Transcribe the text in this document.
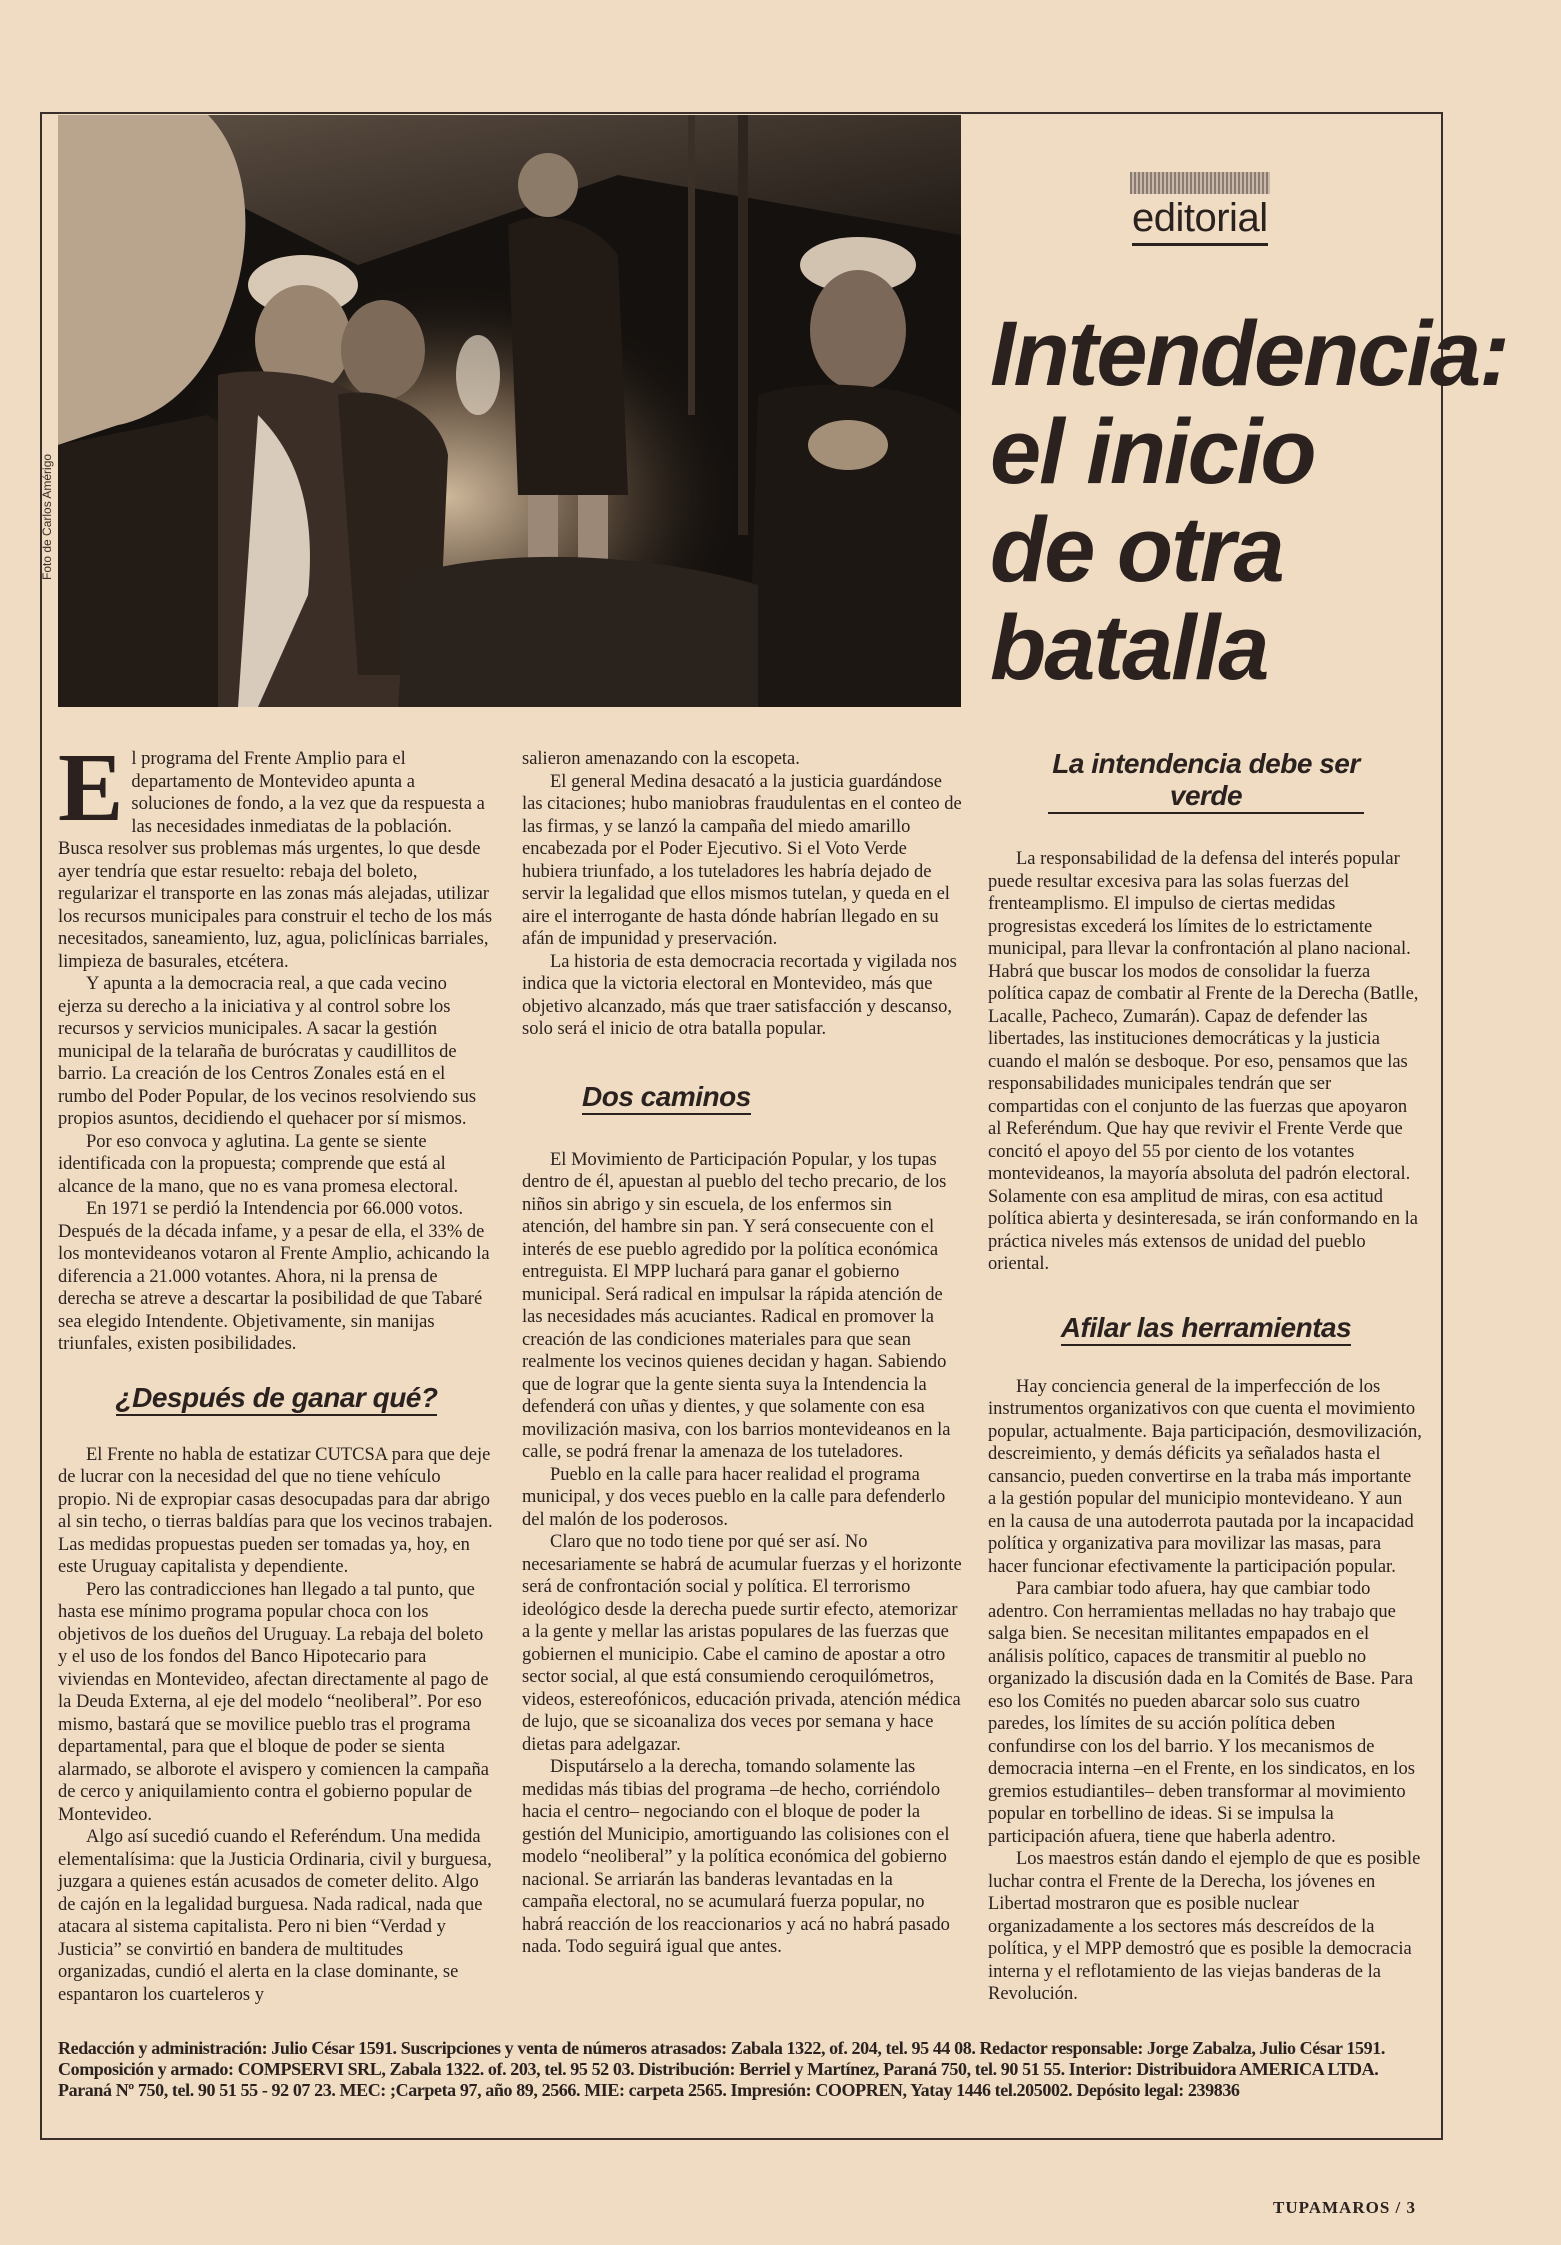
Foto de Carlos Amérigo
editorial
Intendencia: el inicio de otra batalla

El programa del Frente Amplio para el departamento de Montevideo apunta a soluciones de fondo, a la vez que da respuesta a las necesidades inmediatas de la población. Busca resolver sus problemas más urgentes, lo que desde ayer tendría que estar resuelto: rebaja del boleto, regularizar el transporte en las zonas más alejadas, utilizar los recursos municipales para construir el techo de los más necesitados, saneamiento, luz, agua, policlínicas barriales, limpieza de basurales, etcétera.

Y apunta a la democracia real, a que cada vecino ejerza su derecho a la iniciativa y al control sobre los recursos y servicios municipales. A sacar la gestión municipal de la telaraña de burócratas y caudillitos de barrio. La creación de los Centros Zonales está en el rumbo del Poder Popular, de los vecinos resolviendo sus propios asuntos, decidiendo el quehacer por sí mismos.

Por eso convoca y aglutina. La gente se siente identificada con la propuesta; comprende que está al alcance de la mano, que no es vana promesa electoral.

En 1971 se perdió la Intendencia por 66.000 votos. Después de la década infame, y a pesar de ella, el 33% de los montevideanos votaron al Frente Amplio, achicando la diferencia a 21.000 votantes. Ahora, ni la prensa de derecha se atreve a descartar la posibilidad de que Tabaré sea elegido Intendente. Objetivamente, sin manijas triunfales, existen posibilidades.

¿Después de ganar qué?

El Frente no habla de estatizar CUTCSA para que deje de lucrar con la necesidad del que no tiene vehículo propio. Ni de expropiar casas desocupadas para dar abrigo al sin techo, o tierras baldías para que los vecinos trabajen. Las medidas propuestas pueden ser tomadas ya, hoy, en este Uruguay capitalista y dependiente.

Pero las contradicciones han llegado a tal punto, que hasta ese mínimo programa popular choca con los objetivos de los dueños del Uruguay. La rebaja del boleto y el uso de los fondos del Banco Hipotecario para viviendas en Montevideo, afectan directamente al pago de la Deuda Externa, al eje del modelo “neoliberal”. Por eso mismo, bastará que se movilice pueblo tras el programa departamental, para que el bloque de poder se sienta alarmado, se alborote el avispero y comiencen la campaña de cerco y aniquilamiento contra el gobierno popular de Montevideo.

Algo así sucedió cuando el Referéndum. Una medida elementalísima: que la Justicia Ordinaria, civil y burguesa, juzgara a quienes están acusados de cometer delito. Algo de cajón en la legalidad burguesa. Nada radical, nada que atacara al sistema capitalista. Pero ni bien “Verdad y Justicia” se convirtió en bandera de multitudes organizadas, cundió el alerta en la clase dominante, se espantaron los cuarteleros y

salieron amenazando con la escopeta.

El general Medina desacató a la justicia guardándose las citaciones; hubo maniobras fraudulentas en el conteo de las firmas, y se lanzó la campaña del miedo amarillo encabezada por el Poder Ejecutivo. Si el Voto Verde hubiera triunfado, a los tuteladores les habría dejado de servir la legalidad que ellos mismos tutelan, y queda en el aire el interrogante de hasta dónde habrían llegado en su afán de impunidad y preservación.

La historia de esta democracia recortada y vigilada nos indica que la victoria electoral en Montevideo, más que objetivo alcanzado, más que traer satisfacción y descanso, solo será el inicio de otra batalla popular.

Dos caminos

El Movimiento de Participación Popular, y los tupas dentro de él, apuestan al pueblo del techo precario, de los niños sin abrigo y sin escuela, de los enfermos sin atención, del hambre sin pan. Y será consecuente con el interés de ese pueblo agredido por la política económica entreguista. El MPP luchará para ganar el gobierno municipal. Será radical en impulsar la rápida atención de las necesidades más acuciantes. Radical en promover la creación de las condiciones materiales para que sean realmente los vecinos quienes decidan y hagan. Sabiendo que de lograr que la gente sienta suya la Intendencia la defenderá con uñas y dientes, y que solamente con esa movilización masiva, con los barrios montevideanos en la calle, se podrá frenar la amenaza de los tuteladores.

Pueblo en la calle para hacer realidad el programa municipal, y dos veces pueblo en la calle para defenderlo del malón de los poderosos.

Claro que no todo tiene por qué ser así. No necesariamente se habrá de acumular fuerzas y el horizonte será de confrontación social y política. El terrorismo ideológico desde la derecha puede surtir efecto, atemorizar a la gente y mellar las aristas populares de las fuerzas que gobiernen el municipio. Cabe el camino de apostar a otro sector social, al que está consumiendo ceroquilómetros, videos, estereofónicos, educación privada, atención médica de lujo, que se sicoanaliza dos veces por semana y hace dietas para adelgazar.

Disputárselo a la derecha, tomando solamente las medidas más tibias del programa –de hecho, corriéndolo hacia el centro– negociando con el bloque de poder la gestión del Municipio, amortiguando las colisiones con el modelo “neoliberal” y la política económica del gobierno nacional. Se arriarán las banderas levantadas en la campaña electoral, no se acumulará fuerza popular, no habrá reacción de los reaccionarios y acá no habrá pasado nada. Todo seguirá igual que antes.

La intendencia debe ser verde

La responsabilidad de la defensa del interés popular puede resultar excesiva para las solas fuerzas del frenteamplismo. El impulso de ciertas medidas progresistas excederá los límites de lo estrictamente municipal, para llevar la confrontación al plano nacional. Habrá que buscar los modos de consolidar la fuerza política capaz de combatir al Frente de la Derecha (Batlle, Lacalle, Pacheco, Zumarán). Capaz de defender las libertades, las instituciones democráticas y la justicia cuando el malón se desboque. Por eso, pensamos que las responsabilidades municipales tendrán que ser compartidas con el conjunto de las fuerzas que apoyaron al Referéndum. Que hay que revivir el Frente Verde que concitó el apoyo del 55 por ciento de los votantes montevideanos, la mayoría absoluta del padrón electoral. Solamente con esa amplitud de miras, con esa actitud política abierta y desinteresada, se irán conformando en la práctica niveles más extensos de unidad del pueblo oriental.

Afilar las herramientas

Hay conciencia general de la imperfección de los instrumentos organizativos con que cuenta el movimiento popular, actualmente. Baja participación, desmovilización, descreimiento, y demás déficits ya señalados hasta el cansancio, pueden convertirse en la traba más importante a la gestión popular del municipio montevideano. Y aun en la causa de una autoderrota pautada por la incapacidad política y organizativa para movilizar las masas, para hacer funcionar efectivamente la participación popular.

Para cambiar todo afuera, hay que cambiar todo adentro. Con herramientas melladas no hay trabajo que salga bien. Se necesitan militantes empapados en el análisis político, capaces de transmitir al pueblo no organizado la discusión dada en la Comités de Base. Para eso los Comités no pueden abarcar solo sus cuatro paredes, los límites de su acción política deben confundirse con los del barrio. Y los mecanismos de democracia interna –en el Frente, en los sindicatos, en los gremios estudiantiles– deben transformar al movimiento popular en torbellino de ideas. Si se impulsa la participación afuera, tiene que haberla adentro.

Los maestros están dando el ejemplo de que es posible luchar contra el Frente de la Derecha, los jóvenes en Libertad mostraron que es posible nuclear organizadamente a los sectores más descreídos de la política, y el MPP demostró que es posible la democracia interna y el reflotamiento de las viejas banderas de la Revolución.

Redacción y administración: Julio César 1591. Suscripciones y venta de números atrasados: Zabala 1322, of. 204, tel. 95 44 08. Redactor responsable: Jorge Zabalza, Julio César 1591. Composición y armado: COMPSERVI SRL, Zabala 1322. of. 203, tel. 95 52 03. Distribución: Berriel y Martínez, Paraná 750, tel. 90 51 55. Interior: Distribuidora AMERICA LTDA. Paraná Nº 750, tel. 90 51 55 - 92 07 23. MEC: ;Carpeta 97, año 89, 2566. MIE: carpeta 2565. Impresión: COOPREN, Yatay 1446 tel.205002. Depósito legal: 239836

TUPAMAROS / 3
